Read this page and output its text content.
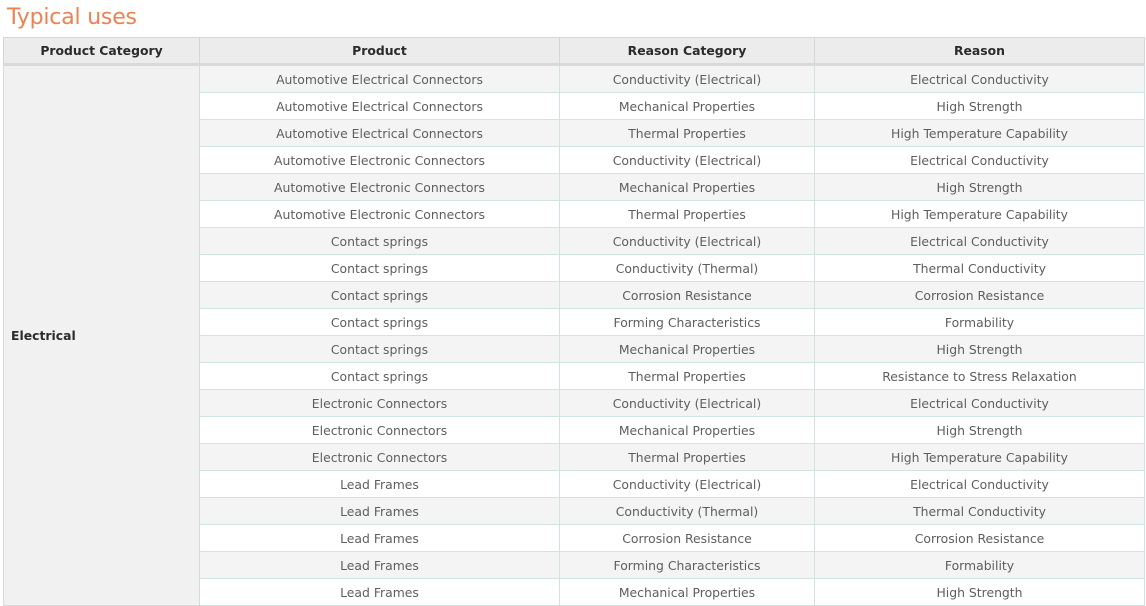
Typical uses
Product Category	Product	Reason Category	Reason
Electrical	Automotive Electrical Connectors	Conductivity (Electrical)	Electrical Conductivity
	Automotive Electrical Connectors	Mechanical Properties	High Strength
	Automotive Electrical Connectors	Thermal Properties	High Temperature Capability
	Automotive Electronic Connectors	Conductivity (Electrical)	Electrical Conductivity
	Automotive Electronic Connectors	Mechanical Properties	High Strength
	Automotive Electronic Connectors	Thermal Properties	High Temperature Capability
	Contact springs	Conductivity (Electrical)	Electrical Conductivity
	Contact springs	Conductivity (Thermal)	Thermal Conductivity
	Contact springs	Corrosion Resistance	Corrosion Resistance
	Contact springs	Forming Characteristics	Formability
	Contact springs	Mechanical Properties	High Strength
	Contact springs	Thermal Properties	Resistance to Stress Relaxation
	Electronic Connectors	Conductivity (Electrical)	Electrical Conductivity
	Electronic Connectors	Mechanical Properties	High Strength
	Electronic Connectors	Thermal Properties	High Temperature Capability
	Lead Frames	Conductivity (Electrical)	Electrical Conductivity
	Lead Frames	Conductivity (Thermal)	Thermal Conductivity
	Lead Frames	Corrosion Resistance	Corrosion Resistance
	Lead Frames	Forming Characteristics	Formability
	Lead Frames	Mechanical Properties	High Strength
